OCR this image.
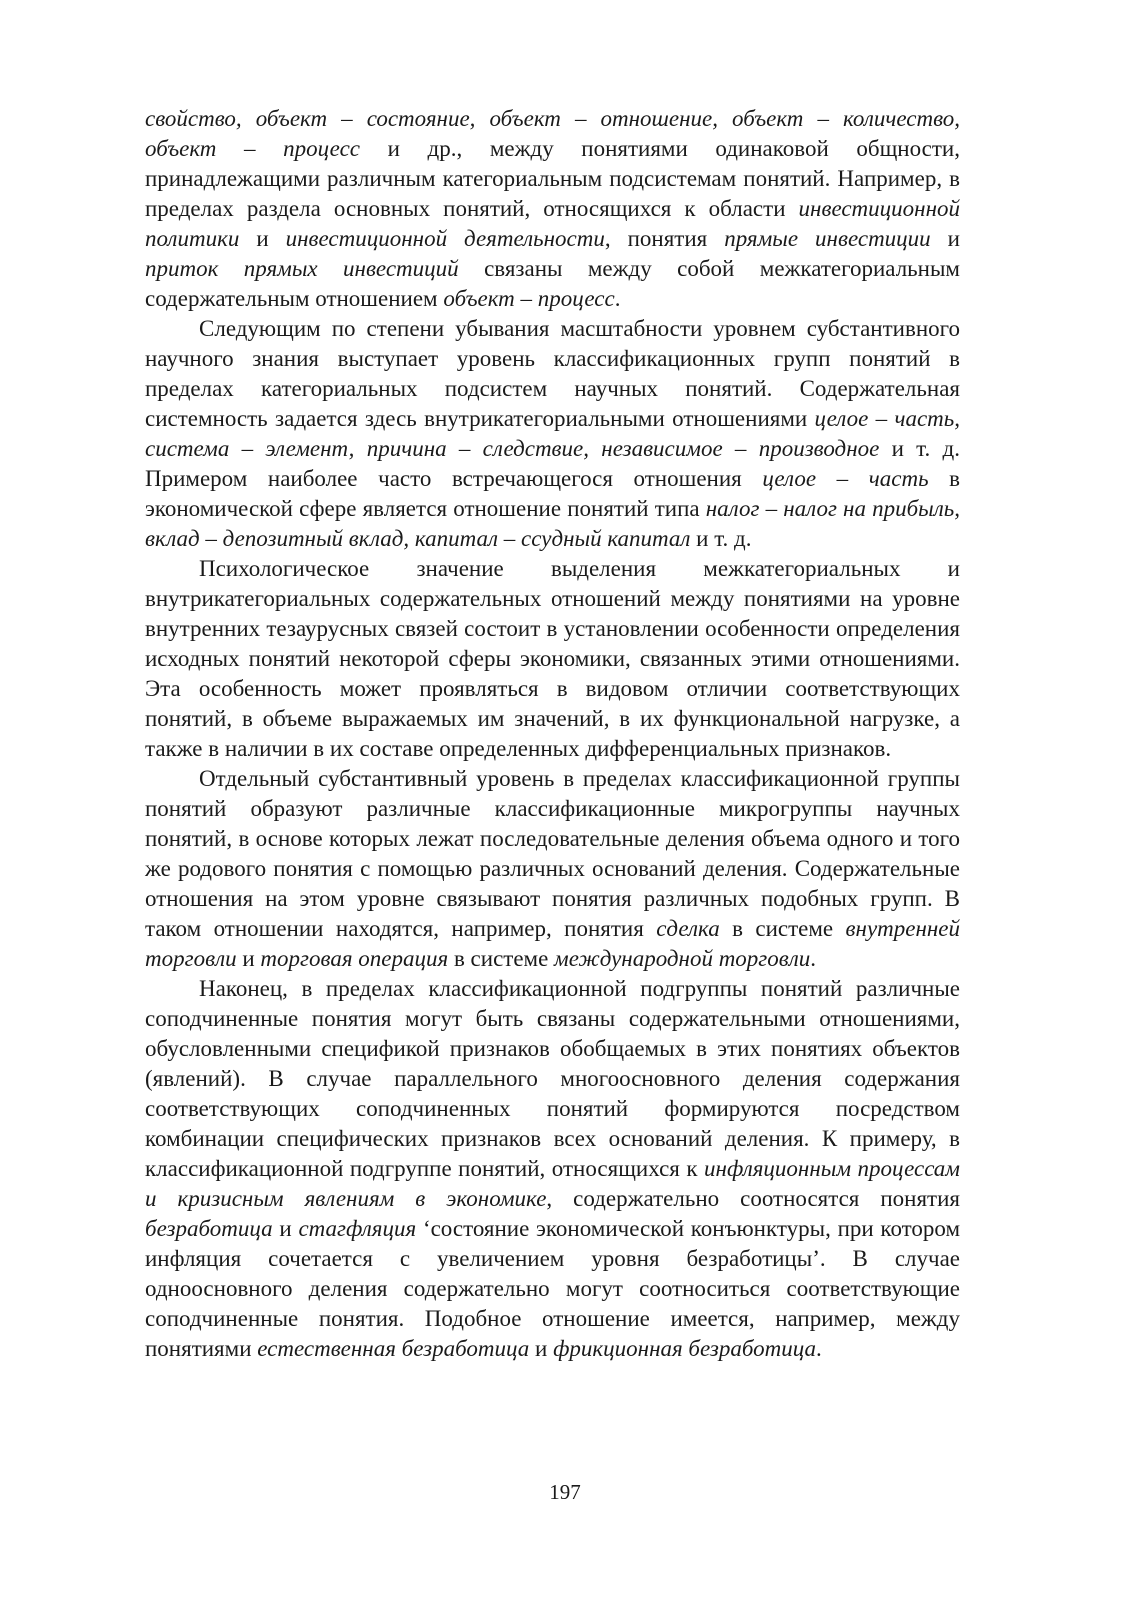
свойство, объект – состояние, объект – отношение, объект – количество, объект – процесс и др., между понятиями одинаковой общности, принадлежащими различным категориальным подсистемам понятий. Например, в пределах раздела основных понятий, относящихся к области инвестиционной политики и инвестиционной деятельности, понятия прямые инвестиции и приток прямых инвестиций связаны между собой межкатегориальным содержательным отношением объект – процесс.

Следующим по степени убывания масштабности уровнем субстантивного научного знания выступает уровень классификационных групп понятий в пределах категориальных подсистем научных понятий. Содержательная системность задается здесь внутрикатегориальными отношениями целое – часть, система – элемент, причина – следствие, независимое – производное и т. д. Примером наиболее часто встречающегося отношения целое – часть в экономической сфере является отношение понятий типа налог – налог на прибыль, вклад – депозитный вклад, капитал – ссудный капитал и т. д.

Психологическое значение выделения межкатегориальных и внутрикатегориальных содержательных отношений между понятиями на уровне внутренних тезаурусных связей состоит в установлении особенности определения исходных понятий некоторой сферы экономики, связанных этими отношениями. Эта особенность может проявляться в видовом отличии соответствующих понятий, в объеме выражаемых им значений, в их функциональной нагрузке, а также в наличии в их составе определенных дифференциальных признаков.

Отдельный субстантивный уровень в пределах классификационной группы понятий образуют различные классификационные микрогруппы научных понятий, в основе которых лежат последовательные деления объема одного и того же родового понятия с помощью различных оснований деления. Содержательные отношения на этом уровне связывают понятия различных подобных групп. В таком отношении находятся, например, понятия сделка в системе внутренней торговли и торговая операция в системе международной торговли.

Наконец, в пределах классификационной подгруппы понятий различные соподчиненные понятия могут быть связаны содержательными отношениями, обусловленными спецификой признаков обобщаемых в этих понятиях объектов (явлений). В случае параллельного многоосновного деления содержания соответствующих соподчиненных понятий формируются посредством комбинации специфических признаков всех оснований деления. К примеру, в классификационной подгруппе понятий, относящихся к инфляционным процессам и кризисным явлениям в экономике, содержательно соотносятся понятия безработица и стагфляция ‘состояние экономической конъюнктуры, при котором инфляция сочетается с увеличением уровня безработицы’. В случае одноосновного деления содержательно могут соотноситься соответствующие соподчиненные понятия. Подобное отношение имеется, например, между понятиями естественная безработица и фрикционная безработица.

197
